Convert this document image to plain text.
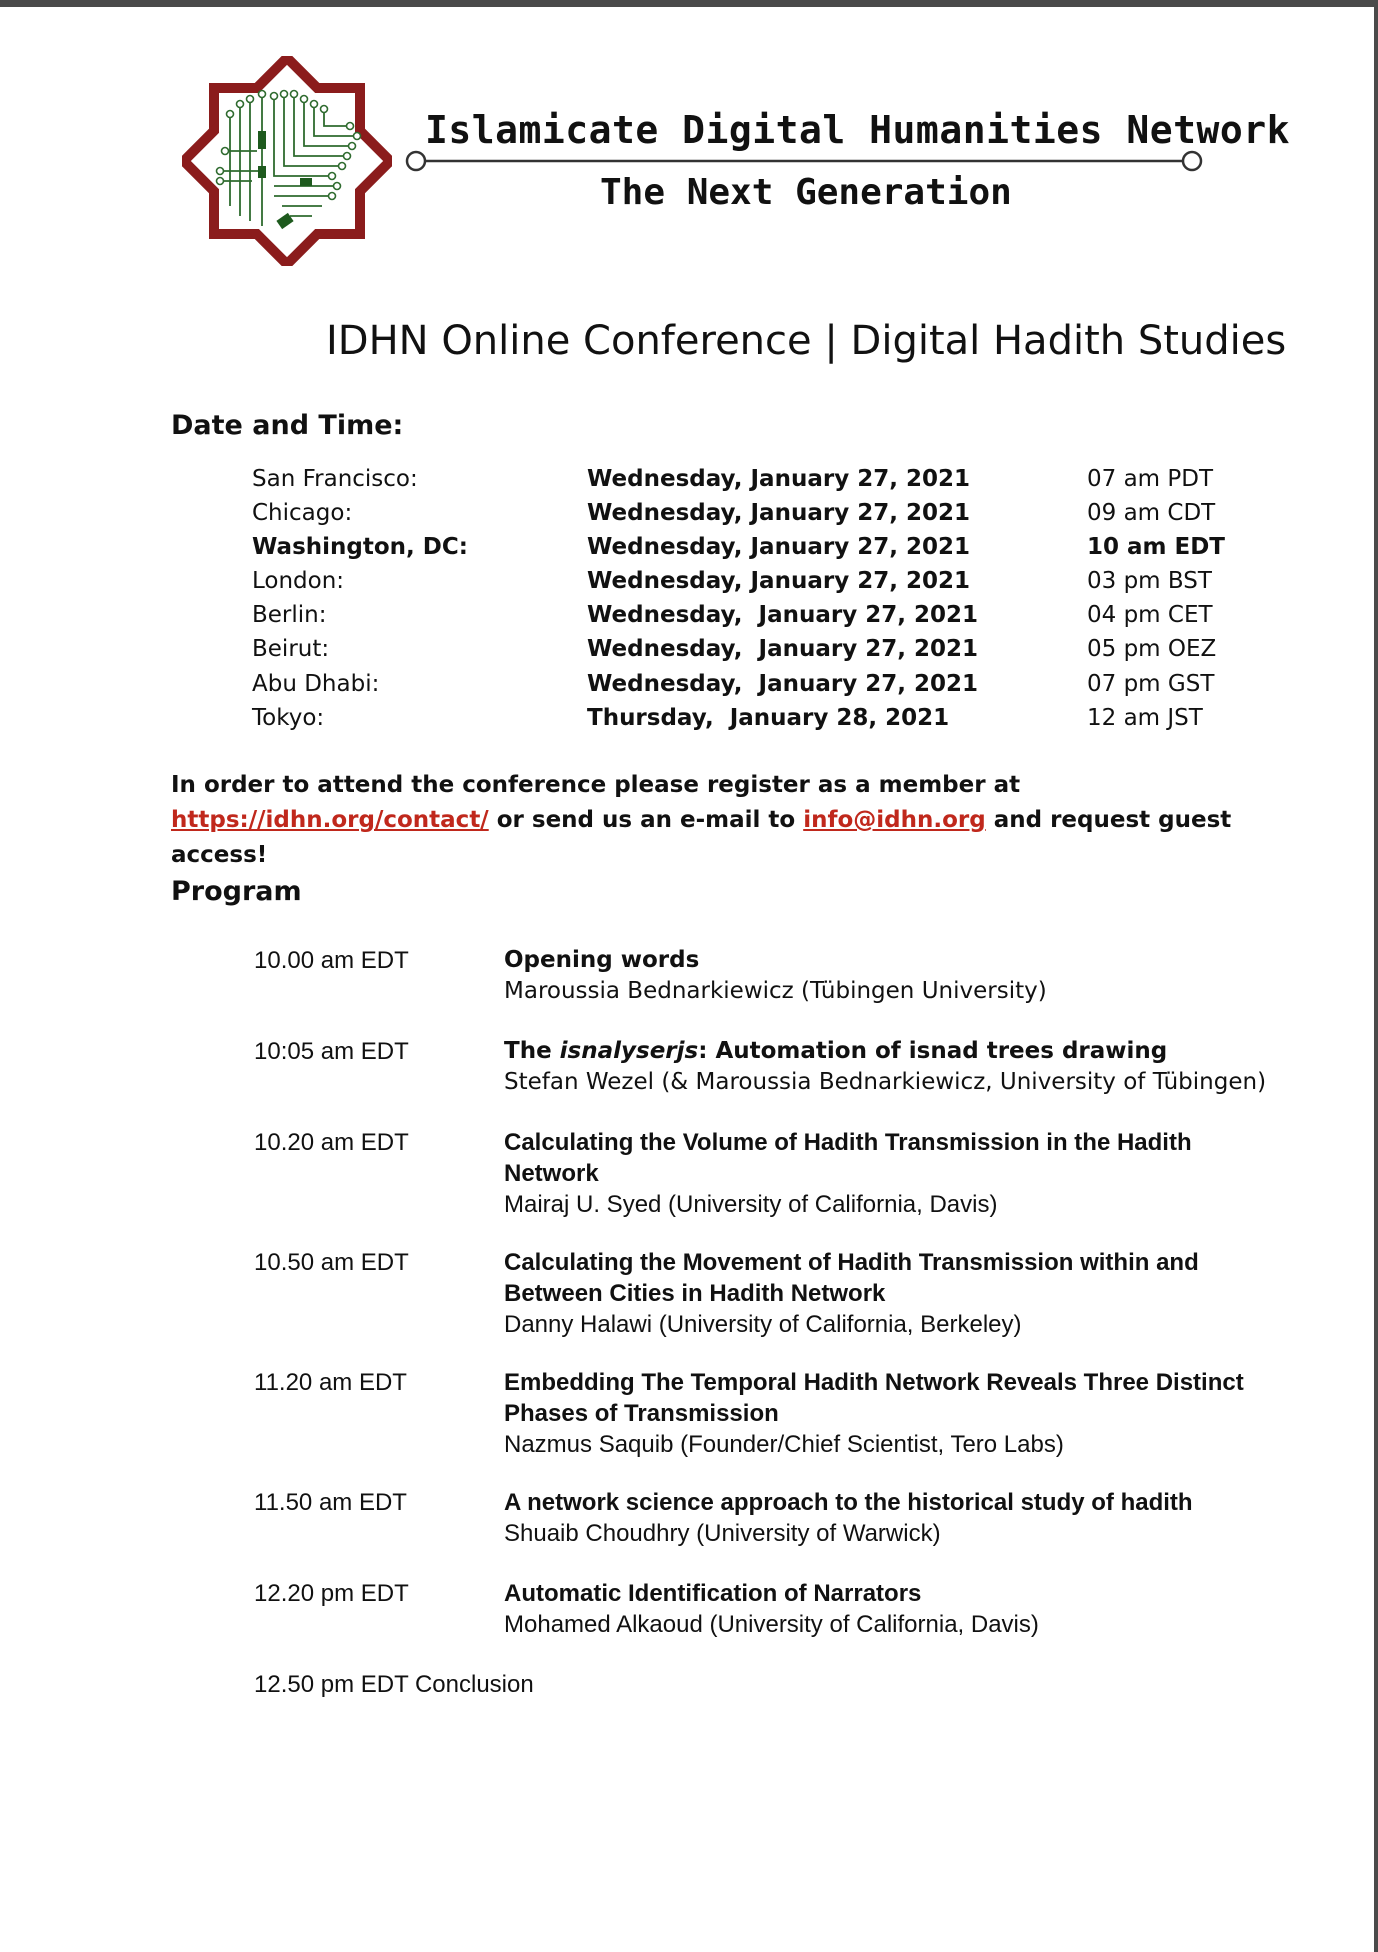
Islamicate Digital Humanities Network
The Next Generation
IDHN Online Conference | Digital Hadith Studies
Date and Time:
San Francisco:	Wednesday, January 27, 2021	07 am PDT
Chicago:	Wednesday, January 27, 2021	09 am CDT
Washington, DC:	Wednesday, January 27, 2021	10 am EDT
London:	Wednesday, January 27, 2021	03 pm BST
Berlin:	Wednesday,  January 27, 2021	04 pm CET
Beirut:	Wednesday,  January 27, 2021	05 pm OEZ
Abu Dhabi:	Wednesday,  January 27, 2021	07 pm GST
Tokyo:	Thursday,  January 28, 2021	12 am JST
In order to attend the conference please register as a member at https://idhn.org/contact/ or send us an e-mail to info@idhn.org and request guest access!
Program
10.00 am EDT	Opening words
Maroussia Bednarkiewicz (Tübingen University)
10:05 am EDT	The isnalyserjs: Automation of isnad trees drawing
Stefan Wezel (& Maroussia Bednarkiewicz, University of Tübingen)
10.20 am EDT	Calculating the Volume of Hadith Transmission in the Hadith Network
Mairaj U. Syed (University of California, Davis)
10.50 am EDT	Calculating the Movement of Hadith Transmission within and Between Cities in Hadith Network
Danny Halawi (University of California, Berkeley)
11.20 am EDT	Embedding The Temporal Hadith Network Reveals Three Distinct Phases of Transmission
Nazmus Saquib (Founder/Chief Scientist, Tero Labs)
11.50 am EDT	A network science approach to the historical study of hadith
Shuaib Choudhry (University of Warwick)
12.20 pm EDT	Automatic Identification of Narrators
Mohamed Alkaoud (University of California, Davis)
12.50 pm EDT Conclusion
